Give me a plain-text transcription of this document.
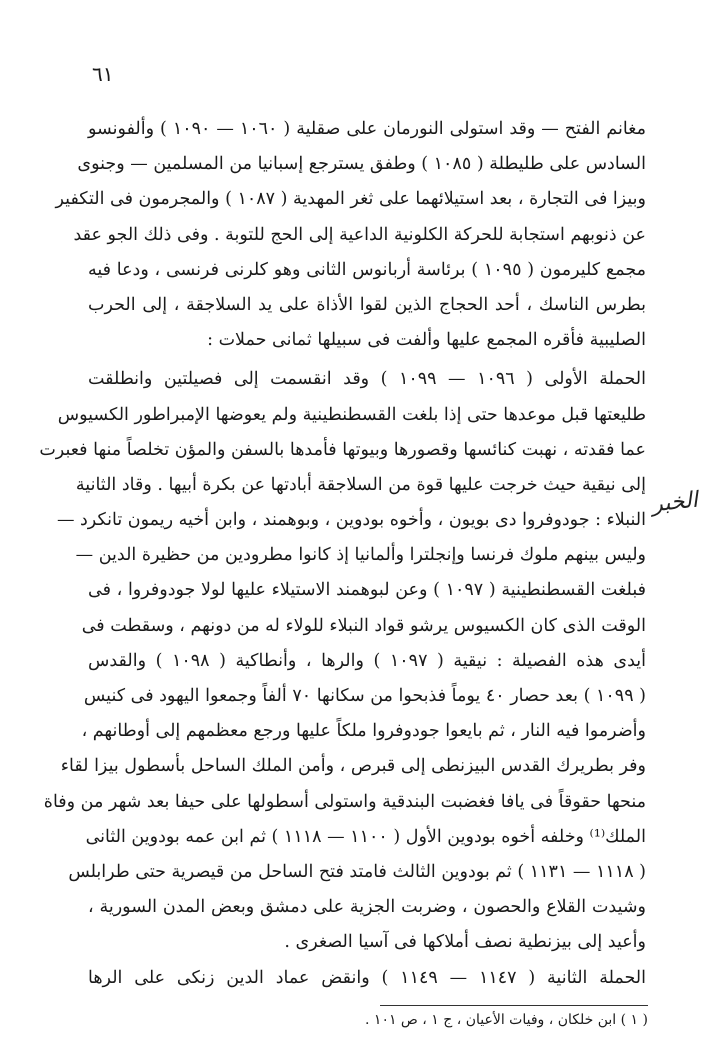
٦١
الخبر
مغانم الفتح — وقد استولى النورمان على صقلية ( ١٠٦٠ — ١٠٩٠ ) وألفونسو
السادس على طليطلة ( ١٠٨٥ ) وطفق يسترجع إسبانيا من المسلمين — وجنوى
وبيزا فى التجارة ، بعد استيلائهما على ثغر المهدية ( ١٠٨٧ ) والمجرمون فى التكفير
عن ذنوبهم استجابة للحركة الكلونية الداعية إلى الحج للتوبة . وفى ذلك الجو عقد
مجمع كليرمون ( ١٠٩٥ ) برئاسة أربانوس الثانى وهو كلرنى فرنسى ، ودعا فيه
بطرس الناسك ، أحد الحجاج الذين لقوا الأذاة على يد السلاجقة ، إلى الحرب
الصليبية فأقره المجمع عليها وألفت فى سبيلها ثمانى حملات :
الحملة الأولى ( ١٠٩٦ — ١٠٩٩ ) وقد انقسمت إلى فصيلتين وانطلقت
طليعتها قبل موعدها حتى إذا بلغت القسطنطينية ولم يعوضها الإمبراطور الكسيوس
عما فقدته ، نهبت كنائسها وقصورها وبيوتها فأمدها بالسفن والمؤن تخلصاً منها فعبرت
إلى نيقية حيث خرجت عليها قوة من السلاجقة أبادتها عن بكرة أبيها . وقاد الثانية
النبلاء : جودوفروا دى بويون ، وأخوه بودوين ، وبوهمند ، وابن أخيه ريمون تانكرد —
وليس بينهم ملوك فرنسا وإنجلترا وألمانيا إذ كانوا مطرودين من حظيرة الدين —
فبلغت القسطنطينية ( ١٠٩٧ ) وعن لبوهمند الاستيلاء عليها لولا جودوفروا ، فى
الوقت الذى كان الكسيوس يرشو قواد النبلاء للولاء له من دونهم ، وسقطت فى
أيدى هذه الفصيلة : نيقية ( ١٠٩٧ ) والرها ، وأنطاكية ( ١٠٩٨ ) والقدس
( ١٠٩٩ ) بعد حصار ٤٠ يوماً فذبحوا من سكانها ٧٠ ألفاً وجمعوا اليهود فى كنيس
وأضرموا فيه النار ، ثم بايعوا جودوفروا ملكاً عليها ورجع معظمهم إلى أوطانهم ،
وفر بطريرك القدس البيزنطى إلى قبرص ، وأمن الملك الساحل بأسطول بيزا لقاء
منحها حقوقاً فى يافا فغضبت البندقية واستولى أسطولها على حيفا بعد شهر من وفاة
الملك⁽¹⁾ وخلفه أخوه بودوين الأول ( ١١٠٠ — ١١١٨ ) ثم ابن عمه بودوين الثانى
( ١١١٨ — ١١٣١ ) ثم بودوين الثالث فامتد فتح الساحل من قيصرية حتى طرابلس
وشيدت القلاع والحصون ، وضربت الجزية على دمشق وبعض المدن السورية ،
وأعيد إلى بيزنطية نصف أملاكها فى آسيا الصغرى .
الحملة الثانية ( ١١٤٧ — ١١٤٩ ) وانقض عماد الدين زنكى على الرها
( ١ ) ابن خلكان ، وفيات الأعيان ، ج ١ ، ص ١٠١ .
